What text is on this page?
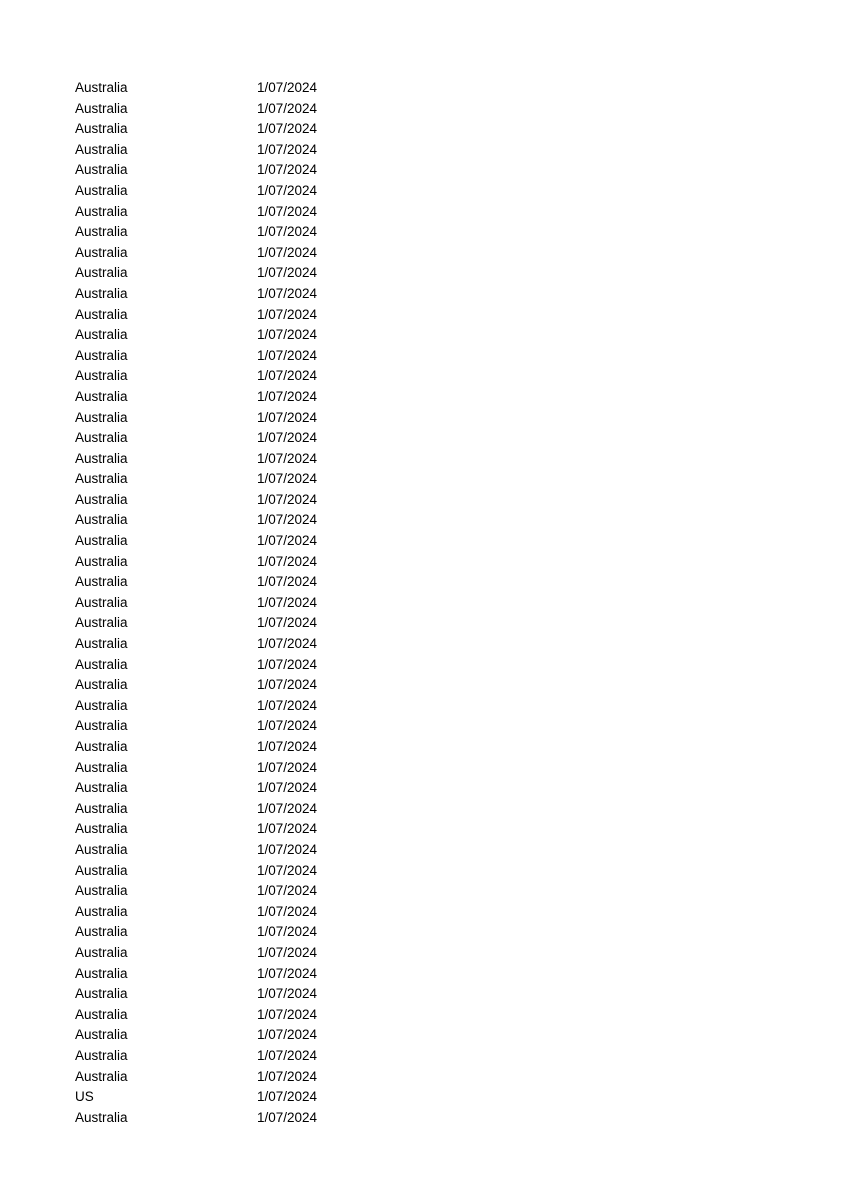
Australia	1/07/2024
Australia	1/07/2024
Australia	1/07/2024
Australia	1/07/2024
Australia	1/07/2024
Australia	1/07/2024
Australia	1/07/2024
Australia	1/07/2024
Australia	1/07/2024
Australia	1/07/2024
Australia	1/07/2024
Australia	1/07/2024
Australia	1/07/2024
Australia	1/07/2024
Australia	1/07/2024
Australia	1/07/2024
Australia	1/07/2024
Australia	1/07/2024
Australia	1/07/2024
Australia	1/07/2024
Australia	1/07/2024
Australia	1/07/2024
Australia	1/07/2024
Australia	1/07/2024
Australia	1/07/2024
Australia	1/07/2024
Australia	1/07/2024
Australia	1/07/2024
Australia	1/07/2024
Australia	1/07/2024
Australia	1/07/2024
Australia	1/07/2024
Australia	1/07/2024
Australia	1/07/2024
Australia	1/07/2024
Australia	1/07/2024
Australia	1/07/2024
Australia	1/07/2024
Australia	1/07/2024
Australia	1/07/2024
Australia	1/07/2024
Australia	1/07/2024
Australia	1/07/2024
Australia	1/07/2024
Australia	1/07/2024
Australia	1/07/2024
Australia	1/07/2024
Australia	1/07/2024
Australia	1/07/2024
US	1/07/2024
Australia	1/07/2024
